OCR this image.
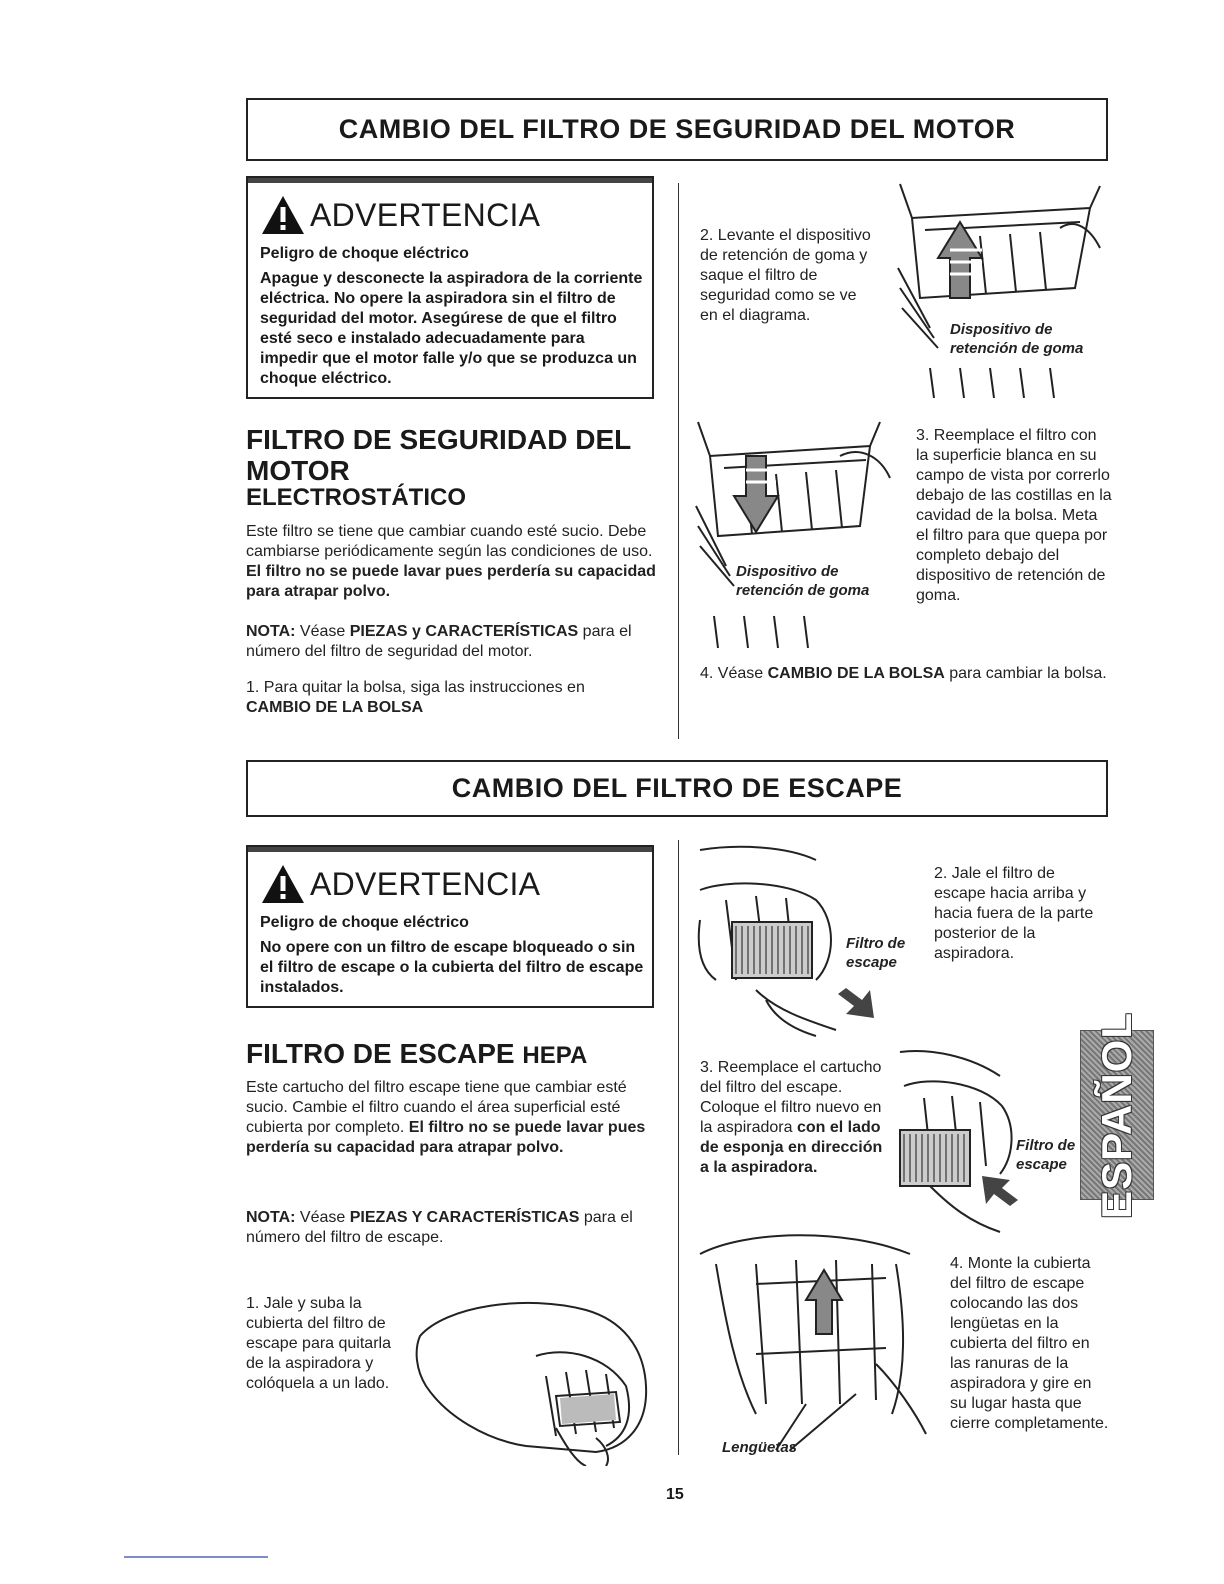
CAMBIO DEL FILTRO DE SEGURIDAD DEL MOTOR
ADVERTENCIA
Peligro de choque eléctrico
Apague y desconecte la aspiradora de la corriente eléctrica. No opere la aspiradora sin el filtro de seguridad del motor. Asegúrese de que el filtro esté seco e instalado adecuadamente para impedir que el motor falle y/o que se produzca un choque eléctrico.
FILTRO DE SEGURIDAD DEL
MOTOR
ELECTROSTÁTICO
Este filtro se tiene que cambiar cuando esté sucio. Debe cambiarse periódicamente según las condiciones de uso. El filtro no se puede lavar pues perdería su capacidad para atrapar polvo.
NOTA: Véase PIEZAS y CARACTERÍSTICAS para el número del filtro de seguridad del motor.
1. Para quitar la bolsa, siga las instrucciones en
CAMBIO DE LA BOLSA
2. Levante el dispositivo de retención de goma y saque el filtro de seguridad como se ve en el diagrama.
Dispositivo de retención de goma
Dispositivo de retención de goma
3. Reemplace el filtro con la superficie blanca en su campo de vista por correrlo debajo de las costillas en la cavidad de la bolsa. Meta el filtro para que quepa por completo debajo del dispositivo de retención de goma.
4. Véase CAMBIO DE LA BOLSA para cambiar la bolsa.
CAMBIO DEL FILTRO DE ESCAPE
ADVERTENCIA
Peligro de choque eléctrico
No opere con un filtro de escape bloqueado o sin el filtro de escape o la cubierta del filtro de escape instalados.
FILTRO DE ESCAPE HEPA
Este cartucho del filtro escape tiene que cambiar esté sucio. Cambie el filtro cuando el área superficial esté cubierta por completo. El filtro no se puede lavar pues perdería su capacidad para atrapar polvo.
NOTA: Véase PIEZAS Y CARACTERÍSTICAS para el número del filtro de escape.
1. Jale y suba la cubierta del filtro de escape para quitarla de la aspiradora y colóquela a un lado.
Filtro de escape
2. Jale el filtro de escape hacia arriba y hacia fuera de la parte posterior de la aspiradora.
3. Reemplace el cartucho del filtro del escape. Coloque el filtro nuevo en la aspiradora con el lado de esponja en dirección a la aspiradora.
Filtro de escape
Lengüetas
4. Monte la cubierta del filtro de escape colocando las dos lengüetas en la cubierta del filtro en las ranuras de la aspiradora y gire en su lugar hasta que cierre completamente.
ESPAÑOL
15
